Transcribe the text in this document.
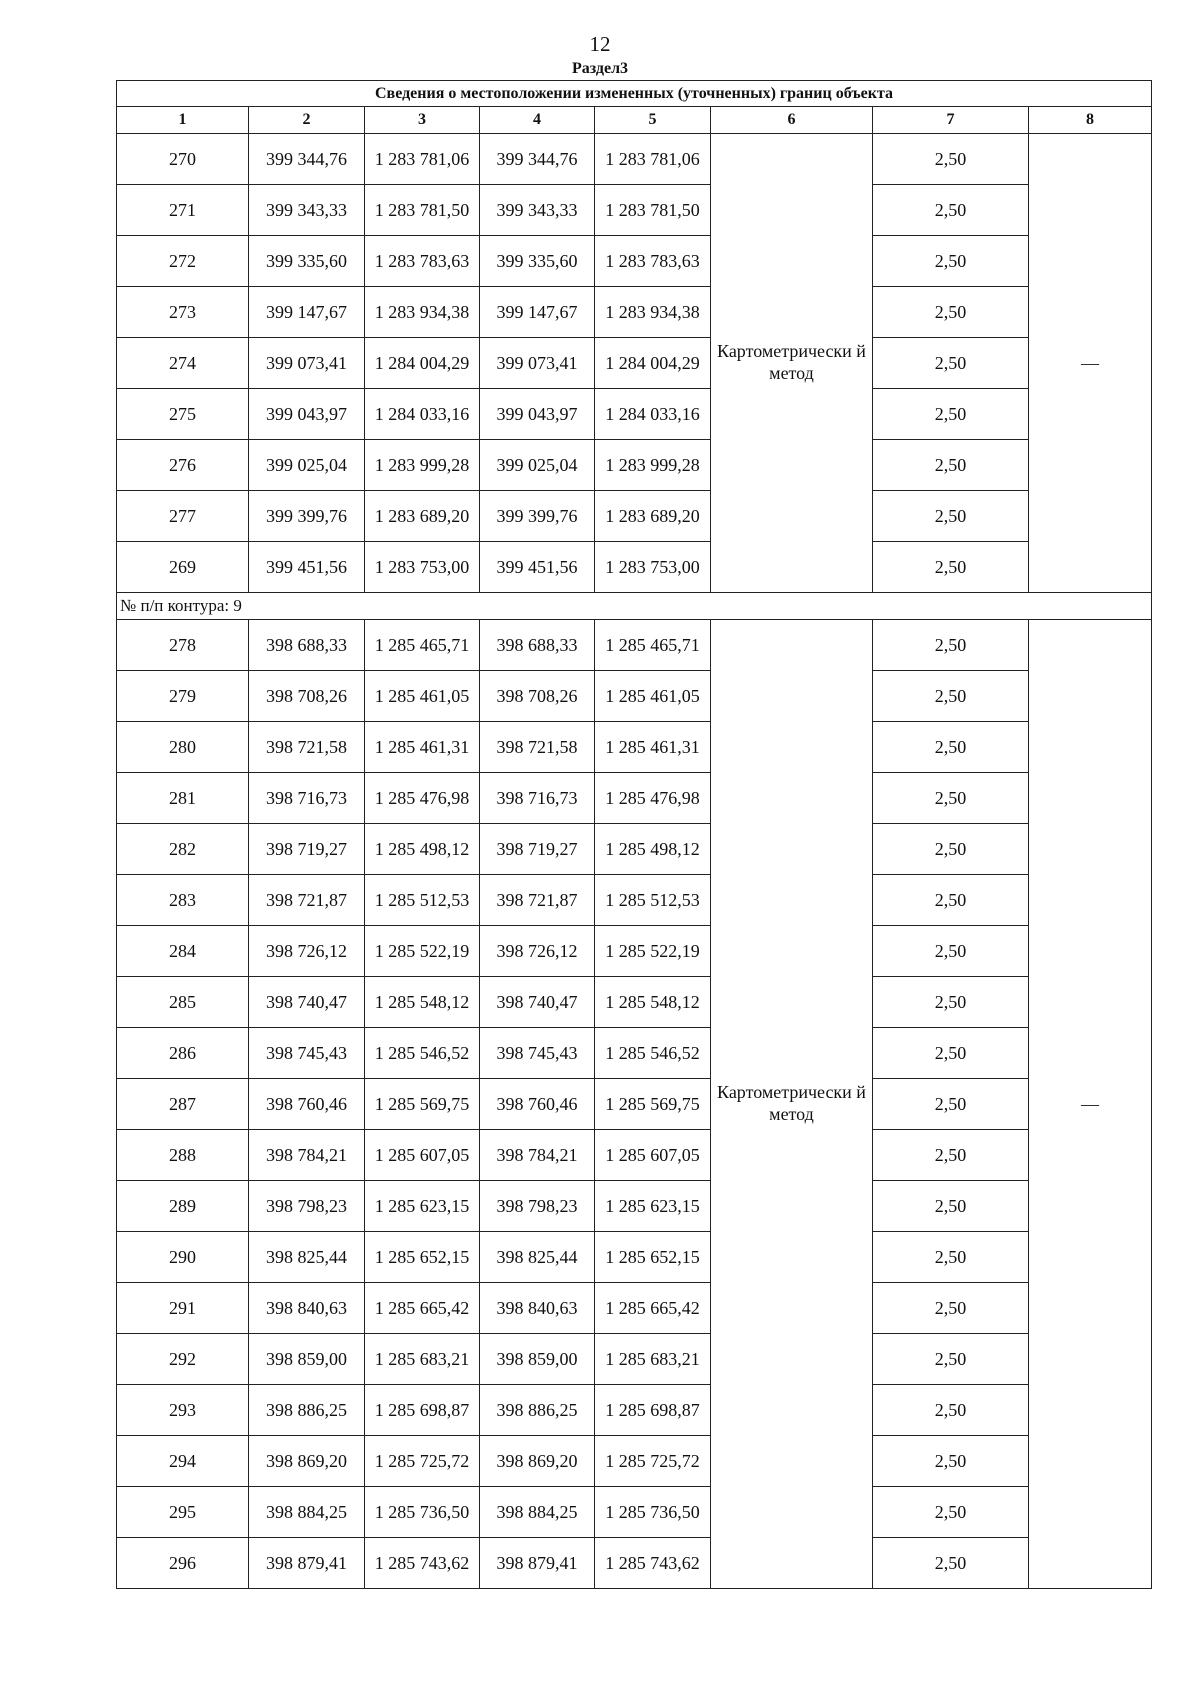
12
Раздел3
Сведения о местоположении измененных (уточненных) границ объекта							
1	2	3	4	5	6	7	8
270	399 344,76	1 283 781,06	399 344,76	1 283 781,06	Картометрически й метод	2,50	—
271	399 343,33	1 283 781,50	399 343,33	1 283 781,50		2,50	
272	399 335,60	1 283 783,63	399 335,60	1 283 783,63		2,50	
273	399 147,67	1 283 934,38	399 147,67	1 283 934,38		2,50	
274	399 073,41	1 284 004,29	399 073,41	1 284 004,29		2,50	
275	399 043,97	1 284 033,16	399 043,97	1 284 033,16		2,50	
276	399 025,04	1 283 999,28	399 025,04	1 283 999,28		2,50	
277	399 399,76	1 283 689,20	399 399,76	1 283 689,20		2,50	
269	399 451,56	1 283 753,00	399 451,56	1 283 753,00		2,50	
№ п/п контура: 9							
278	398 688,33	1 285 465,71	398 688,33	1 285 465,71	Картометрически й метод	2,50	—
279	398 708,26	1 285 461,05	398 708,26	1 285 461,05		2,50	
280	398 721,58	1 285 461,31	398 721,58	1 285 461,31		2,50	
281	398 716,73	1 285 476,98	398 716,73	1 285 476,98		2,50	
282	398 719,27	1 285 498,12	398 719,27	1 285 498,12		2,50	
283	398 721,87	1 285 512,53	398 721,87	1 285 512,53		2,50	
284	398 726,12	1 285 522,19	398 726,12	1 285 522,19		2,50	
285	398 740,47	1 285 548,12	398 740,47	1 285 548,12		2,50	
286	398 745,43	1 285 546,52	398 745,43	1 285 546,52		2,50	
287	398 760,46	1 285 569,75	398 760,46	1 285 569,75		2,50	
288	398 784,21	1 285 607,05	398 784,21	1 285 607,05		2,50	
289	398 798,23	1 285 623,15	398 798,23	1 285 623,15		2,50	
290	398 825,44	1 285 652,15	398 825,44	1 285 652,15		2,50	
291	398 840,63	1 285 665,42	398 840,63	1 285 665,42		2,50	
292	398 859,00	1 285 683,21	398 859,00	1 285 683,21		2,50	
293	398 886,25	1 285 698,87	398 886,25	1 285 698,87		2,50	
294	398 869,20	1 285 725,72	398 869,20	1 285 725,72		2,50	
295	398 884,25	1 285 736,50	398 884,25	1 285 736,50		2,50	
296	398 879,41	1 285 743,62	398 879,41	1 285 743,62		2,50	
